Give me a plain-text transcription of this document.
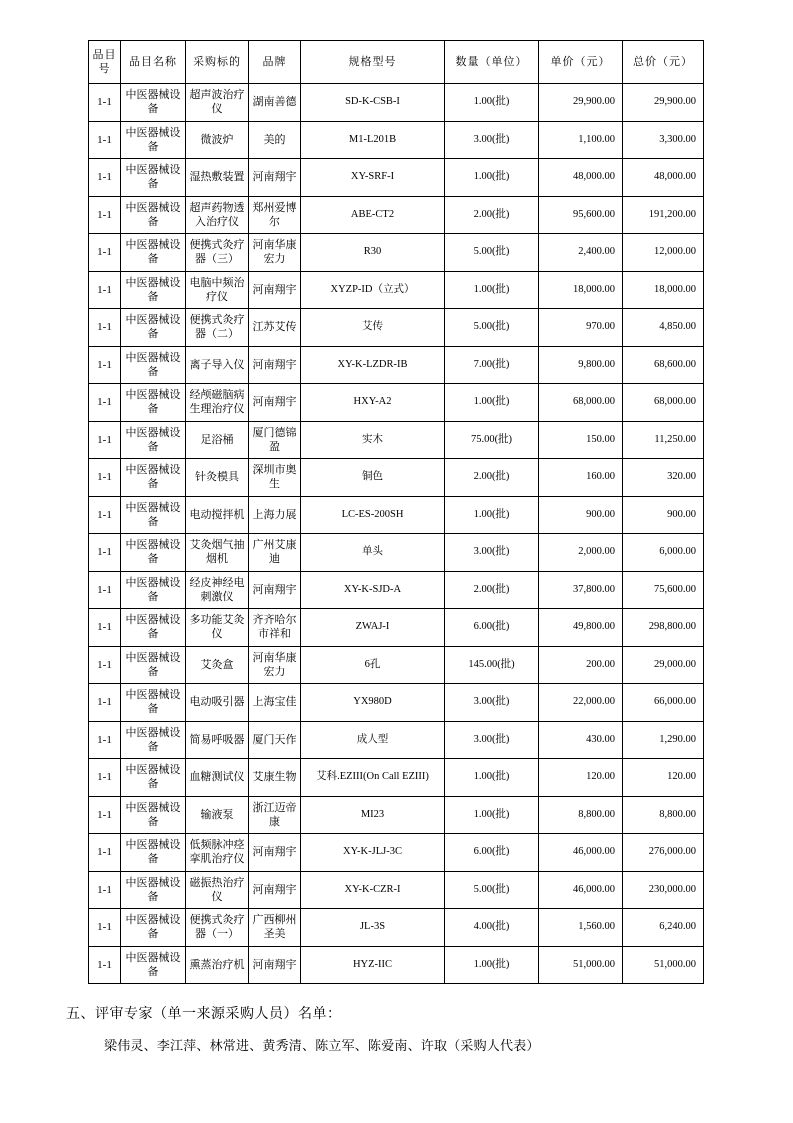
品目号	品目名称	采购标的	品牌	规格型号	数量（单位）	单价（元）	总价（元）
1-1	中医器械设备	超声波治疗仪	湖南善德	SD-K-CSB-I	1.00(批)	29,900.00	29,900.00
1-1	中医器械设备	微波炉	美的	M1-L201B	3.00(批)	1,100.00	3,300.00
1-1	中医器械设备	湿热敷装置	河南翔宇	XY-SRF-I	1.00(批)	48,000.00	48,000.00
1-1	中医器械设备	超声药物透入治疗仪	郑州爱博尔	ABE-CT2	2.00(批)	95,600.00	191,200.00
1-1	中医器械设备	便携式灸疗器（三）	河南华康宏力	R30	5.00(批)	2,400.00	12,000.00
1-1	中医器械设备	电脑中频治疗仪	河南翔宇	XYZP-ID（立式）	1.00(批)	18,000.00	18,000.00
1-1	中医器械设备	便携式灸疗器（二）	江苏艾传	艾传	5.00(批)	970.00	4,850.00
1-1	中医器械设备	离子导入仪	河南翔宇	XY-K-LZDR-IB	7.00(批)	9,800.00	68,600.00
1-1	中医器械设备	经颅磁脑病生理治疗仪	河南翔宇	HXY-A2	1.00(批)	68,000.00	68,000.00
1-1	中医器械设备	足浴桶	厦门德锦盈	实木	75.00(批)	150.00	11,250.00
1-1	中医器械设备	针灸模具	深圳市奥生	铜色	2.00(批)	160.00	320.00
1-1	中医器械设备	电动搅拌机	上海力展	LC-ES-200SH	1.00(批)	900.00	900.00
1-1	中医器械设备	艾灸烟气抽烟机	广州艾康迪	单头	3.00(批)	2,000.00	6,000.00
1-1	中医器械设备	经皮神经电刺激仪	河南翔宇	XY-K-SJD-A	2.00(批)	37,800.00	75,600.00
1-1	中医器械设备	多功能艾灸仪	齐齐哈尔市祥和	ZWAJ-I	6.00(批)	49,800.00	298,800.00
1-1	中医器械设备	艾灸盒	河南华康宏力	6孔	145.00(批)	200.00	29,000.00
1-1	中医器械设备	电动吸引器	上海宝佳	YX980D	3.00(批)	22,000.00	66,000.00
1-1	中医器械设备	简易呼吸器	厦门天作	成人型	3.00(批)	430.00	1,290.00
1-1	中医器械设备	血糖测试仪	艾康生物	艾科.EZIII(On Call EZIII)	1.00(批)	120.00	120.00
1-1	中医器械设备	输液泵	浙江迈帝康	MI23	1.00(批)	8,800.00	8,800.00
1-1	中医器械设备	低频脉冲痉挛肌治疗仪	河南翔宇	XY-K-JLJ-3C	6.00(批)	46,000.00	276,000.00
1-1	中医器械设备	磁振热治疗仪	河南翔宇	XY-K-CZR-I	5.00(批)	46,000.00	230,000.00
1-1	中医器械设备	便携式灸疗器（一）	广西柳州圣美	JL-3S	4.00(批)	1,560.00	6,240.00
1-1	中医器械设备	熏蒸治疗机	河南翔宇	HYZ-IIC	1.00(批)	51,000.00	51,000.00
五、评审专家（单一来源采购人员）名单：
梁伟灵、李江萍、林常进、黄秀清、陈立军、陈爱南、许取（采购人代表）
